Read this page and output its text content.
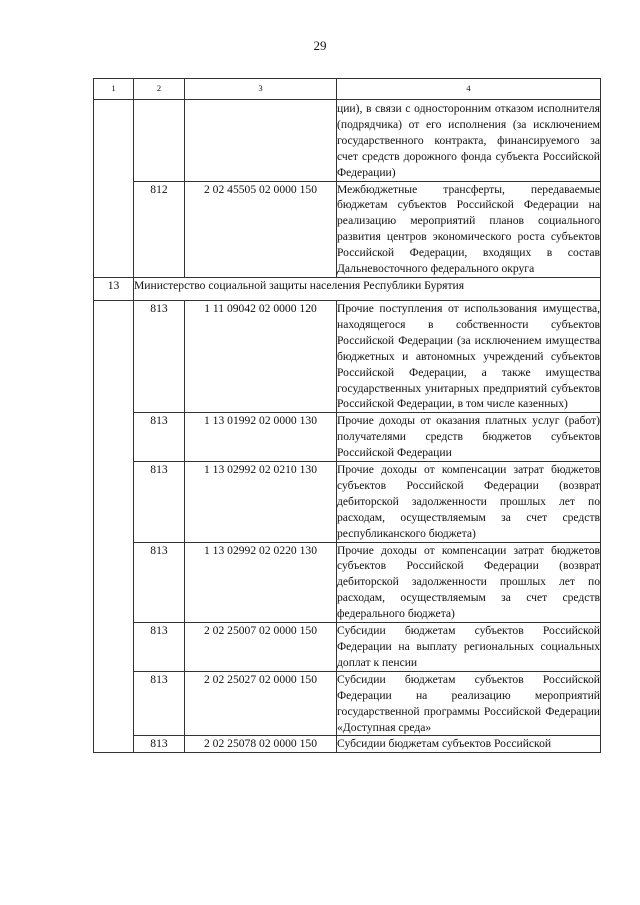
29
1	2	3	4
			ции), в связи с односторонним отказом исполнителя (подрядчика) от его исполнения (за исключением государственного контракта, финансируемого за счет средств дорожного фонда субъекта Российской Федерации)
	812	2 02 45505 02 0000 150	Межбюджетные трансферты, передаваемые бюджетам субъектов Российской Федерации на реализацию мероприятий планов социального развития центров экономического роста субъектов Российской Федерации, входящих в состав Дальневосточного федерального округа
13	Министерство социальной защиты населения Республики Бурятия		
	813	1 11 09042 02 0000 120	Прочие поступления от использования имущества, находящегося в собственности субъектов Российской Федерации (за исключением имущества бюджетных и автономных учреждений субъектов Российской Федерации, а также имущества государственных унитарных предприятий субъектов Российской Федерации, в том числе казенных)
	813	1 13 01992 02 0000 130	Прочие доходы от оказания платных услуг (работ) получателями средств бюджетов субъектов Российской Федерации
	813	1 13 02992 02 0210 130	Прочие доходы от компенсации затрат бюджетов субъектов Российской Федерации (возврат дебиторской задолженности прошлых лет по расходам, осуществляемым за счет средств республиканского бюджета)
	813	1 13 02992 02 0220 130	Прочие доходы от компенсации затрат бюджетов субъектов Российской Федерации (возврат дебиторской задолженности прошлых лет по расходам, осуществляемым за счет средств федерального бюджета)
	813	2 02 25007 02 0000 150	Субсидии бюджетам субъектов Российской Федерации на выплату региональных социальных доплат к пенсии
	813	2 02 25027 02 0000 150	Субсидии бюджетам субъектов Российской Федерации на реализацию мероприятий государственной программы Российской Федерации «Доступная среда»
	813	2 02 25078 02 0000 150	Субсидии бюджетам субъектов Российской
